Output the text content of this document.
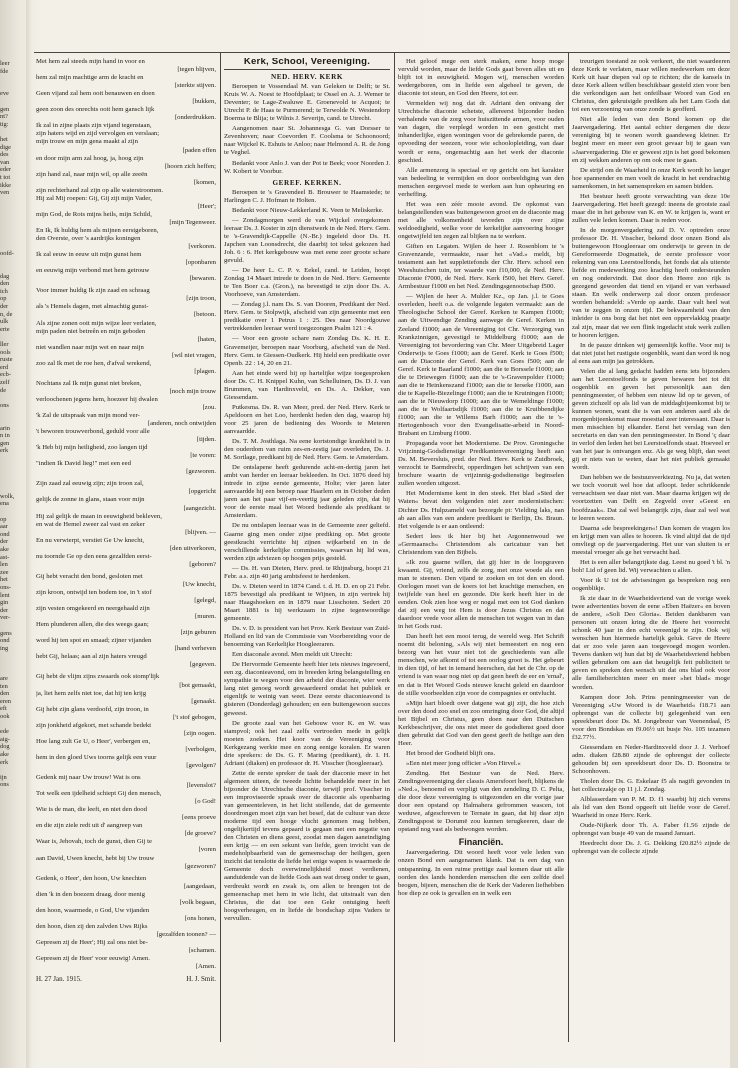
leer
fde

eve

gen
nt?
tig:

het
dige
des
van
eder
t tot
ikke
ven

oofd-

dag
den
ich
op
der
n, de
ulk
erte

ller
ools
ruste
erd
ecb-
zelf
de

ons

arin
n in
gen
erk

wolk,
ena

op
aar
ond
der
ake
ast-
len
zee
het
ons-
lent
gin
der
ver-

gens
ond
ing

are
ten
den
eren
eft
ook

ede
aig-
dog
ake
erk

ijn
ons
Met hem zal steeds mijn hand in voor en
[tegen blijven,
hem zal mijn machtige arm de kracht en
[sterkte stijven.
Geen vijand zal hem ooit benauwen en doen
[bukken,
geen zoon des onrechts ooit hem gansch lijk
[onderdrukken.
Ik zal in zijne plaats zijn vijand tegenstaan,
zijn haters wijd en zijd vervolgen en verslaan;
mijn trouw en mijn gena maakt al zijn
[paden effen
en door mijn arm zal hoog, ja, hoog zijn
[hoorn zich heffen;
zijn hand zal, naar mijn wil, op alle zeeën
[komen,
zijn rechterhand zal zijn op alle waterstroomen.
Hij zal Mij roepen: Gij, Gij zijt mijn Vader,
[Heer';
mijn God, de Rots mijns heils, mijn Schild,
[mijn Tegenweer.
En Ik, Ik huldig hem als mijnen eerstgeboren,
den Overste, over 's aardrijks koningen
[verkoren.
Ik zal eeuw in eeuw uit mijn gunst hem
[oponbaren
en eeuwig mijn verbond met hem getrouw
[bewaren.
Voor immer huldig Ik zijn zaad en schraag
[zijn troon,
als 's Hemels dagen, met almachtig gunst-
[betoon.
Als zijne zonen ooit mijn wijze leer verlaten,
mijn paden niet betreên en mijn geboden
[haten,
niet wandlen naar mijn wet en naar mijn
[wil niet vragen,
zoo zal Ik met de roe hen, d'afval wrekend,
[plagen.
Nochtans zal Ik mijn gunst niet breken,
[noch mijn trouw
verloochenen jegens hem, hoezeer hij dwalen
[zou.
'k Zal de uitspraak van mijn mond ver-
[anderen, noch ontwijden
't beworen trouwverbond, geduld voor alle
[tijden.
'k Heb bij mijn heiligheid, zoo langen tijd
[te voren:
"indien Ik David lieg!" met een eed
[gezworen.
Zijn zaad zal eeuwig zijn; zijn troon zal,
[opgericht
gelijk de zonne in glans, staan voor mijn
[aangezicht.
Hij zal gelijk de maan in eeuwigheid bekleven,
en wat de Hemel zweer zal vast en zeker
[blijven. —
En nu verwierpt, verstiet Ge Uw knecht,
[den uitverkoren,
nu toornde Ge op den eens gezalfden eerst-
[geboren?
Gij hebt veracht den bond, gesloten met
[Uw knecht,
zijn kroon, ontwijd ten bodem toe, in 't stof
[gelegd,
zijn vesten omgekeerd en neergehaald zijn
[muren.
Hem plunderen allen, die des weegs gaan;
[zijn geburen
word hij ten spot en smaad; zijner vijanden
[hand verheven
hebt Gij, helaas; aan al zijn haters vreugd
[gegeven.
Gij hebt de vlijm zijns zwaards ook stomp'lijk
[bot gemaakt,
ja, liet hem zelfs niet toe, dat hij ten krijg
[genaakt.
Gij hebt zijn glans verdoofd, zijn troon, in
['t stof gebogen,
zijn jonkheid afgekort, met schande bedekt
[zijn oogen.
Hoe lang zult Ge U, o Heer', verbergen en,
[verbolgen,
hem in den gloed Uws toorns gelijk een vuur
[gevolgen?
Gedenk mij naar Uw trouw! Wat is ons
[levenslot?
Tot welk een ijdelheid schiept Gij den mensch,
[o God!
Wie is de man, die leeft, en niet den dood
[eens proeve
en die zijn ziele redt uit d' aangreep van
[de groeve?
Waar is, Jehovah, toch de gunst, dien Gij te
[voren
aan David, Uwen knecht, hebt bij Uw trouw
[gezworen?
Gedenk, o Heer', den hoon, Uw knechten
[aangedaan,
dien 'k in den boezem draag, door menig
[volk begaan,
den hoon, waarmede, o God, Uw vijanden
[ons honen,
den hoon, dien zij den zalvden Uws Rijks
[gezalfden toonen? —
Gepresen zij de Heer'; Hij zal ons niet be-
[schamen.
Gepresen zij de Heer' voor eeuwig! Amen.
[Amen.
H. 27 Jan. 1915.	H. J. Smit.
Kerk, School, Vereeniging.
NED. HERV. KERK

Beroepen te Vossendaal M. van Geleken te Delft; te St. Kruis W. A. Noest te Hoofdplaat; te Ossel en A. J. Wemer te Deventer; te Lage-Zwaluwe E. Groenevold te Acquoi; te Utrecht P. de Haas te Purmerend; te Terwolde N. Westendorp Boerma te Blija; te Wilnis J. Severijn, cand. te Utrecht.

Aangenomen naar St. Johannesga G. van Dorsser te Zevenhoven; naar Coevorden F. Coolsma te Schoonoord; naar Wijckel K. Eshuis te Anloo; naar Helmond A. R. de Jong te Veghel.

Bedankt voor Anlo J. van der Pot te Beek; voor Noorden J. W. Kobert te Voorbur.

GEREF. KERKEN.

Beroepen te 's Gravendeel B. Brouwer te Haamstede; te Harlingen C. J. Hofman te Holten.

Bedankt voor Nieuw-Lekkerland K. Veen te Meliskerke.

— Zondagmorgen werd de van Wijckel overgekomen leeraar Ds. J. Koster in zijn dienstwerk in de Ned. Herv. Gem. te 's-Gravendijk-Cappelle (N.-Br.) ingeleid door Ds. H. Japchen van Loonsdrecht, die daarbij tot tekst gekozen had Joh. 6 : 6. Het kerkgebouw was met eene zeer groote schare gevuld.

— De heer L. C. P. v. Eekel, cand. te Leiden, hoopt Zondag 14 Maart intrede te doen in de Ned. Herv. Gemeente te Ten Boer c.a. (Gron.), na bevestigd te zijn door Ds. A. Voorhoeve, van Amsterdam.

— Zondag j.l. nam Ds. S. van Dooren, Predikant der Ned. Herv. Gem. te Stolpwijk, afscheid van zijn gemeente met een predikatie over 1 Petrus 1 : 25. Des naar Noordgouwe vertrekkenden leeraar werd toegezongen Psalm 121 : 4.

— Voor een groote schare nam Zondag Ds. K. H. E. Gravemeijer, beroepen naar Voorburg, afscheid van de Ned. Herv. Gem. te Giessen-Oudkerk. Hij hield een predikatie over Openb. 22 : 14, 20 en 21.

Aan het einde werd hij op hartelijke wijze toegesproken door Ds. C. H. Knippel Kuhn, van Schelluinen, Ds. D. J. van Brummen, van Hardinxveld, en Ds. A. Dekker, van Giessendam.

Putkesma. Ds. R. van Meer, pred. der Ned. Herv. Kerk te Apeldoorn en het Loo, herdenkt heden den dag, waarop hij voor 25 jaren de bediening des Woords te Meteren aanvaardde.

Ds. T. M. Josthlaga. Na eene kortstondige krankheid is in den ouderdom van ruim zes-en-zestig jaar overleden, Ds. J. M. Sortlage, predikant bij de Ned. Herv. Gem. te Amsterdam.

De ontslapene heeft gedurende acht-en-dertig jaren het ambt van herder en leeraar bekleeden. In Oct. 1876 deed hij intrede in zijne eerste gemeente, Holte; vier jaren later aanvaardde hij een beroep naar Haarlem en in October deden jaren aan het paar vijf-en-veertig jaar geleden zijn, dat hij voor de eerste maal het Woord bediende als predikant te Amsterdam.

De nu ontslapen leeraar was in de Gemeente zeer geliefd. Gaarne ging men onder zijne prediking op. Met groote geestkracht verrichtte hij zijnen wijkarbeid en in de verschillende kerkelijke commissies, waarvan hij lid was, werden zijn adviezen op hoogen prijs gesteld.

— Ds. H. van Dieten, Herv. pred. te Rhijnsburg, hoopt 21 Febr. a.s. zijn 40 jarig ambtsfeest te herdenken.

Ds. v. Dieten werd in 1874 Cand. t. d. H. D. en op 21 Febr. 1875 bevestigd als predikant te Wijnen, in zijn vertrek hij naar Haagshoeken en in 1879 naar Lisschoten. Sedert 20 Maart 1881 is hij werkzaam in zijne tegenwoordige gemeente.

Ds. v. D. is president van het Prov. Kerk Bestuur van Zuid-Holland en lid van de Commissie van Voorbereiding voor de benoeming van Kerkelijke Hoogleeraren.

Een diaconale avond. Men meldt uit Utrecht:

De Hervormde Gemeente heeft hier iets nieuws ingevoerd, een zg. diaconieavond, om in breeden kring belangstelling en sympathie te wegen voor den arbeid der diaconie, wier werk lang niet genoeg wordt gewaardeerd omdat het publiek er eigenlijk te weinig van weet. Deze eerste diaconieavond is gisteren (Donderdag) gehouden; en een buitengewoon succes geweest.

De groote zaal van het Gebouw voor K. en W. was stampvol; ook het zaal zelfs vertroeden mede in gelijk moeten zoeken. Het koor van de Vereeniging voor Kerkgezang werkte mee en zong eenige koralen. Er waren drie sprekers: de Ds. G. F. Maring (predikant), dr. I. H. Adriani (diaken) en professor dr. H. Visscher (hoogleeraar).

Zette de eerste spreker de taak der diaconie meer in het algemeen uiteen, de tweede lichtte behandelde meer in het bijzonder de Utrechtsche diaconie, terwijl prof. Visscher in een improviseerde spraak over de diaconie als openbaring van gemeenteleven, in het licht stellende, dat de gemeente doordrongen moet zijn van het besef, dat de cultuur van deze moderne tijd een hooge vlucht genomen mag hebben, ongelijkertijd tevens gepaard is gegaan met een negatie van den Christen en diens geest, zoodat men dagen aaneindiging een krijg — en een sekunt van liefde, geen invicht van de medeholpbaarheid van de gemeenschap der heiligen, geen inzicht dat tenslotte de liefde het enige wapen is waarmede de Gemeente doch overwinnelijkheid moet verdienen, aanduidende van de liefde Gods aan wat droeg onder te gaan, verdreukt wordt en zwak is, om allen te brengen tot de gemeenschap met hem in wie licht, dat uitstraalt van den Christus, die dat toe een Gekr ontuiging heeft hoogverheugen, en in liefde de boodschap zijns Vaders te vervullen.

Het geloof mege een sterk maken, eene hoop moge vervuld worden, maar de liefde Gods gaat boven alles uit en blijft tot in eeuwigheid. Mogen wij, menschen worden wedergeboren, om in liefde een algeheel te geven, de diaconie tot steun, en God den Heere, tot eer.

Vermelden wij nog dat dr. Adriani den ontvang der Utrechtsche diaconie schetste, allereerst bijzonder heden verhalende van de zorg voor huiszittende armen, voor ouden van dagen, die verplegd worden in een gesticht met inhanderlijke, eigen woningen voor de gebrekende paren, de opvoeding der weezen, voor wie schoolopleiding, van daar wordt er eens, ongemachtig aan het werk der diaconie geschied.

Alle armenzorg is speciaal er op gericht om het karakter van bedeeling te vermijden en door oorbeeldiging van den menschen eergevoel mede te werken aan hun opheuring en verheffing.

Het was een zéér mooie avond. De opkomst van belangstellenden was buitengewoon groot en de diaconie mag met alle volkomenheid tevreden zijn over zijne weldoedigheid, welke voor de kerkelijke aanvoering hooger ongetwijfeld ten zegen zal blijken na te werken.

Giften en Legaten. Wijlen de heer J. Rosenblom te 's Gravenzande, vermaakte, naar het «Vad.» meldt, bij testament aan het suppletiefonds der Chr. Herv. school een Weeshuischen tuin, ter waarde van f10,000, de Ned. Herv. Diaconie f7000, de Ned. Herv. Kerk f500, het Herv. Geref. Armbestuur f1000 en het Ned. Zendingsgenootschap f500.

— Wijlen de heer A. Mulder Kz., op Jan. j.l. te Goes overleden, heeft o.a. de volgende legaten vermaakt: aan de Theologische School der Geref. Kerken te Kampen f1000; aan de Uitwendige Zending aanwege de Geref. Kerken in Zeeland f1000; aan de Vereeniging tot Chr. Verzorging van Krankzinnigen, gevestigd te Middelburg f1000; aan de Vereeniging tot bevordering van Chr. Meer Uitgebreid Lager Onderwijs te Goes f1000; aan de Geref. Kerk te Goes f500; aan de Diaconie der Geref. Kerk van Goes f500; aan de Geref. Kerk te Baarland f1000; aan die te Borssele f1000; aan die te Driewegen f1000; aan die te 's-Gravenpolder f1000; aan die te Heinkenszand f1000; aan die te Ierseke f1000, aan die te Kapelle-Biezelinge f1000; aan die te Kruiningen f1000; aan die te Nieuwdorp f1000; aan die te Wemeldinge f1000; aan die te Wolfaartsdijk f1000; aan die te Kruibbendijke f1000; aan die te Willems Barh f1000; aan die te 's-Hertogenbosch voor den Evangelisatie-arbeid in Noord-Brabant en Limburg f1000.

Propaganda voor het Modernisme. De Prov. Groningsche Vrijzinnig-Godsdienstige Predikantenvereeniging heeft aan Ds. M. Beversluis, pred. der Ned. Herv. Kerk te Zuidbroek, verzocht te Barmdrecht, opperdingen het schrijven van een brochure waarin de vrijzinnig-godsdienstige beginselen zullen worden uitgezet.

Het Modernisme kent in den steek. Het blad »Sted der Waten« bevat den volgenden niet zeer modernistischen: Dichter Ds. Hulpzameld van bezorgde pt: Vielding laks, nan ab aan alles van een andere predikant te Berlijn, Ds. Braun. Het volgende is er aan ontleend:

Sedert lees ik hier bij het Argonnenwoud we »Germaansch« Christendom als caricatuur van het Christendom van den Bijbels.

»Ik zou gaarne willen, dat gij hier in de loopgraven kwaamt. Gij, vriend, zelfs de zorg, met onze woede als een man te steenen. Den vijand te zoeken en tot den en dood. Oorlogen moet van de koers tot het krachtige menschen, en twijfelde van heel en gezonde. Die kerk heeft hier in de eenden. Ook zien hoe weg er nogal met een tot God danken dat zij een weg tot Hem is door Jezus Christus en dat daardoor vrede voor allen de menschen tot wegen van in dan in het Gods rust.

Dan heeft het een mooi terug, de wereld weg. Het Schrift noemt dit beloning, »Als wij niet bemeestert en nog een bezorg van het vuur niet tot de geschiedenis van alle menschen, wie afkomt of tot een oorlog groot is. Het gebeurt in dien tijd, of het in iemand heerschen, dat het de Chr. op de vriend is van waar nog niet op dat geen heeft de eer en 'ernal', en dat is Het Woord Gods nieuwe kracht geleid en daardoor de stille voorbeelden zijn voor de compagnies er ontvlucht.

»Mijn hart bloedt over datgene wat gij zijt, die hoe zich over den dood zoo snel en zoo omringing door God, die altijd het Bijbel en Christus, geen doen naar den Duitschen Kerkbeschrijver, die ons niet meer de godsdienst goed door dien gebruikt dat God van den geest geeft de heilige aan den Heer.

Het brood der Godheid blijft ons.

»Een niet meer jong officier »Von Hirvel.«

Zending. Het Bestuur van de Ned. Herv. Zendingsvereeniging der classis Amersfoort heeft, blijkens de »Ned.«, benoemd en verpligt van den zendeling D. C. Pelta, die door deze vereeniging is uitgezonden en die vorige jaar door een opstand op Halmahera gefrommen wascen, tot weduwe, afgeschreven te Ternate in gaan, dat hij daar zijn Zendingspost te Dorumë zou kunnen terugkeeren, daar de opstand nog vast als bedwongen worden.

Financiën.

Jaarvergadering. Dit woord heeft voor vele leden van onzen Bond een aangenamen klank. Dat is een dag van ontspanning. In een ruime prettige zaal komen daar uit alle oorden des lands honderden menschen die een zelfde doel beogen, bijeen, menschen die de Kerk der Vaderen liefhebben hoe diep ze ook is gevallen en in welk een

treurigen toestand ze ook verkeert, die niet waardeeren deze Kerk te verlaten, maar willen medewerken om deze Kerk uit haar diepen val op te richten; die de kansels in deze Kerk alleen willen beschikbaar gesteld zien voor ben die verkondigen aan het onfeilbaar Woord van God en Christus, den gekruisigde prediken als het Lam Gods dat tot een verzoening van onze zonde is geofferd.

Niet alle leden van den Bond komen op die Jaarvergadering. Het aantal echter dergenen die deze vereniging bij te wonen wordt gaandeweg kleiner. Er begint meer en meer een groot gevaar bij te gaan van »Jaarvergadering. Die er geweest zijn is het goed bekomen en zij wekken anderen op om ook mee te gaan.

De strijd om de Waarheid in onze Kerk wordt ho langer hoe spannender en men voelt de kracht in het eendrachtig samenkomen, in het samenspreken en samen bidden.

Het bestuur heeft groote verwachting van deze 10e Jaarvergadering. Het heeft gezegd: ineens de grootste zaal maar die in het gebouw van K. en W. te krijgen is, want er zullen vele leden komen. Daar is reden voor.

In de morgenvergadering zal D. V. optreden onze professor Dr. H. Visscher, bekend door onzen Bond als buitengewoon Hoogleeraar om onderwijs te geven in de Gereformeerde Dogmatiek, de eerste professor voor rekening van ons Leerstoelfonds, het fonds dat als uiterste liefde en medewerking zoo krachtig heeft ondersteunden en nog ondervindt. Dat door den Heere zoo rijk is gezegend geworden dat tiend en vijand er van verbaasd staan. En welk onderwerp zal door onzen professor worden behandeld: »Verde op aarde. Daar valt heel wat van te zeggen in onzen tijd. De bekwaamheid van den inleider is ons borg dat het niet een oppervlakkig praatje zal zijn, maar dat we een flink ingedacht stuk werk zullen te hooren krijgen.

In de pauze drinken wij gemeenlijk koffie. Voor mij is dat niet juist het rustigste oogenblik, want dan word ik nog al eens aan mijn jas getrokken.

Velen die al lang gedacht hadden eens iets bijzonders aan het Leerstoelfonds te geven bewaren het tot dit oogenblik en geven het persoonlijk aan den penningmeester, of hebben een nieuw lid op te geven, of geven zichzelf op als lid van de middagbijeenkomst bij te kunnen wonen, want die is van een anderen aard als de morgenbijeenkomst maar moesttal zeer interessant. Daar is men misschien bij elkander. Eerst het verslag van den secretaris en dan van den penningmeester. In Bond 'ç daar in verlof den leden het bei Leerstoelfonds staat. Hoeveel er van het jaar is ontvangen enz. Als ge weg blijft, dan weet gij er niets van te weten, daar het niet publiek gemaakt wordt.

Dan hebben we de bestuursverkiezing. Nu ja, dat weten we toch vooruit wel hoe dat afloopt. Ieder schrikkende verwachtsen we daar niet van. Maar daarna krijgen wij de voortzetten van Delft en Zegveld over »Geest en hoofdzaak«. Dat zal wel belangrijk zijn, daar zal wel wat te leeren wezen.

Daarna »de bespreekingen«! Dan komen de vragen los en krijgt men van alles te hooren. Ik vind altijd dat de tijd omvliegt op de jaarvergadering. Het uur van sluiten is er meestal vroeger als ge het verwacht had.

Het is een aller belangrijkste dag. Leest nu goed 't bl. 'n boh! Lid of geen lid. Wij verwachten u allen.

Voor ik U tot de advisesingen ga bespreken nog een oogenblikje.

Ik zie daar in de Waarheidsvriend van de vorige week twee advertenties boven de eene »Eben Haëzer« en boven de andere, »Soli Deo Gloria«. Beiden dankbaren van personen uit onzen kring die de Heere het voorrecht schonk 40 jaar in den echt vereenigd te zijn. Ook wij wenschen hun hiermede hartelijk geluk. Geve de Heere dat er zoo vele jaren aan toegevoegd mogen worden. Tevens danken wij hun dat bij de Waarheidsvriend hebben willen gebruiken om aan dat heugelijk feit publiciteit te geven en spreken den wensch uit dat ons blad ook voor alle familieberichten meer en meer »het blad« moge worden.

Kampen door Joh. Prins penningmeester van de Vereeniging »Uw Woord is de Waarheid« f18.71 aan opbrengst van de collecte bij gelegenheid van een spreekbeurt door Ds. M. Jongebreur van Veenendaal, f5 voor den Bondskas en f9.06½ uit busje No. 105 tezamen f32.77½.

Giessendam en Neder-Hardinxveld door J. J. Verhoef adm. diaken f28.80 zijnde de opbrengst der collecte gehouden bij een spreekbeurt door Ds. D. Boonstra te Schoonhoven.

Tholen door Ds. G. Eskelaar f5 als nagift gevonden in het collectezakje op 11 j.l. Zondag.

Alblasserdam van P. M. D. f1 waarbij hij zich verens als lid van den Bond opgeeft uit liefde voor de Geref. Waarheid in onze Herv. Kerk.

Oude-Nijkerk door Th. A. Faber f1.56 zijnde de opbrengst van busje 49 van de maand Januari.

Heedrecht door Ds. J. G. Dekking f20.82½ zijnde de opbrengst van de collecte zijnde
